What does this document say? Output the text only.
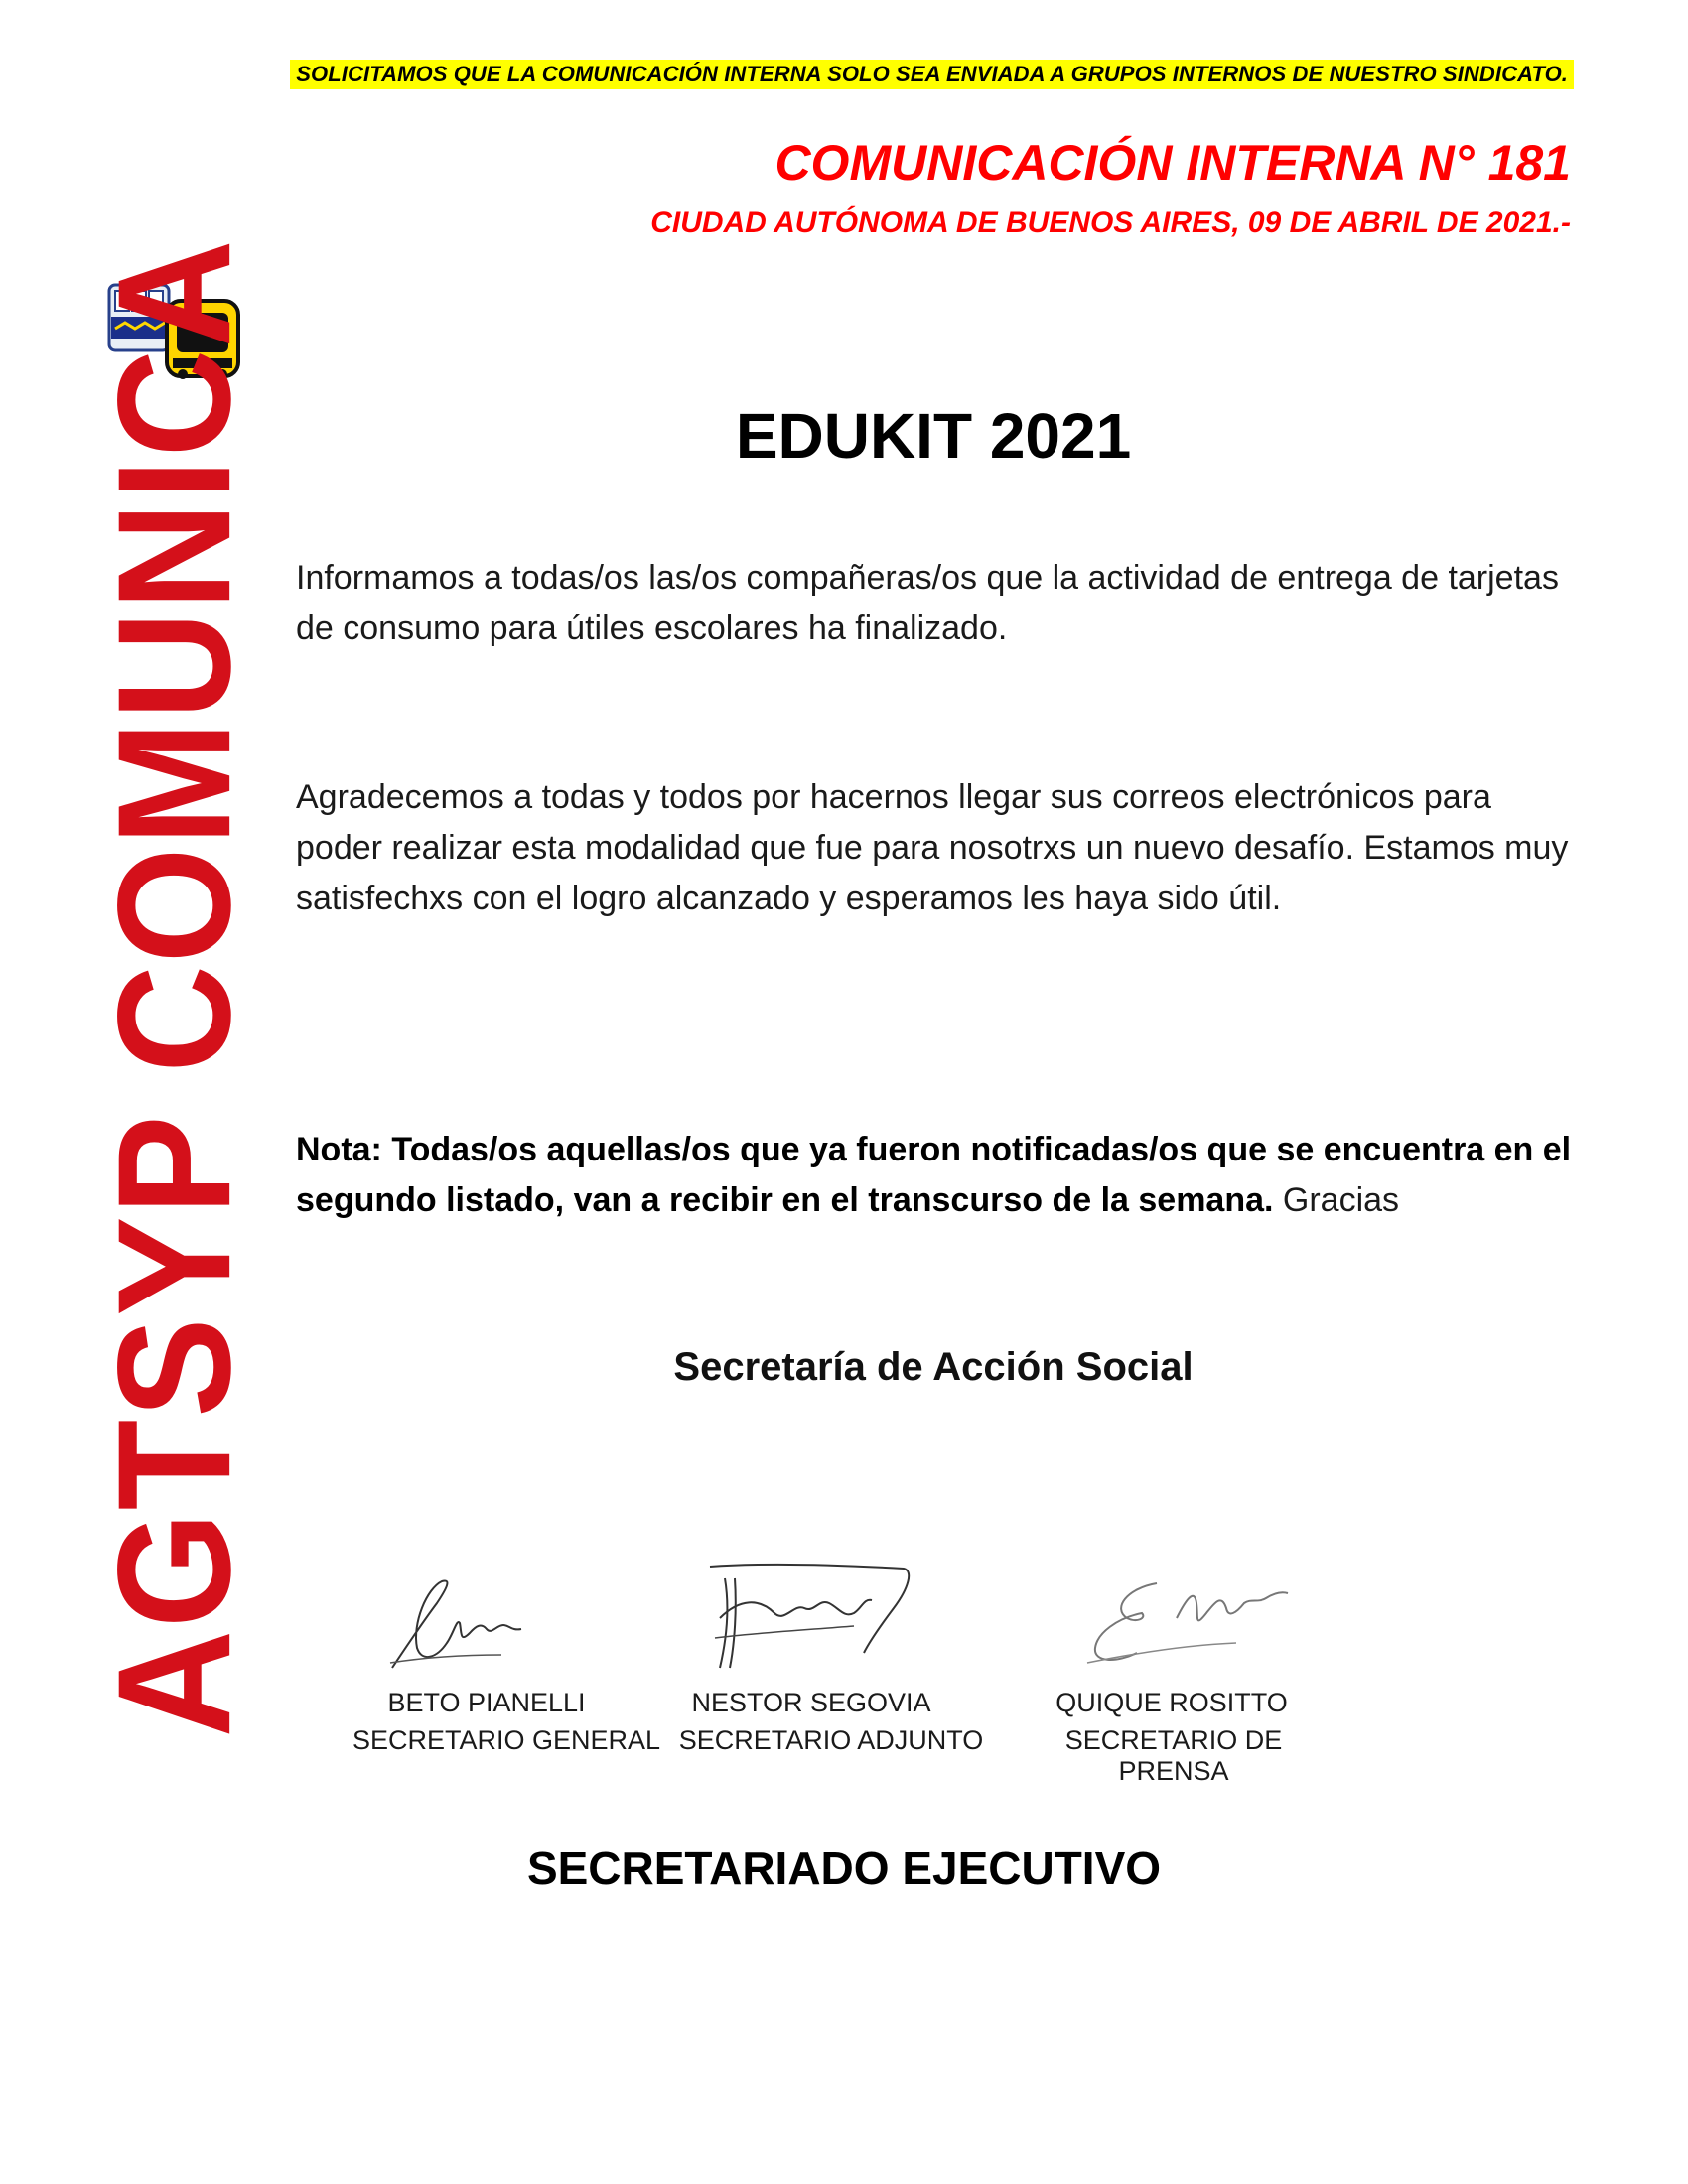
SOLICITAMOS QUE LA COMUNICACIÓN INTERNA SOLO SEA ENVIADA A GRUPOS INTERNOS DE NUESTRO SINDICATO.
COMUNICACIÓN INTERNA N° 181
CIUDAD AUTÓNOMA DE BUENOS AIRES, 09 DE ABRIL DE 2021.-
AGTSYP COMUNICA	EDUKIT 2021
Informamos a todas/os las/os compañeras/os que la actividad de entrega de tarjetas de consumo para útiles escolares ha finalizado.
Agradecemos a todas y todos por hacernos llegar sus correos electrónicos para poder realizar esta modalidad que fue para nosotrxs un nuevo desafío. Estamos muy satisfechxs con el logro alcanzado y esperamos les haya sido útil.
Nota: Todas/os aquellas/os que ya fueron notificadas/os que se encuentra en el segundo listado, van a recibir en el transcurso de la semana. Gracias
Secretaría de Acción Social
BETO PIANELLI
SECRETARIO GENERAL
NESTOR SEGOVIA
SECRETARIO ADJUNTO
QUIQUE ROSITTO
SECRETARIO DE PRENSA
SECRETARIADO EJECUTIVO
